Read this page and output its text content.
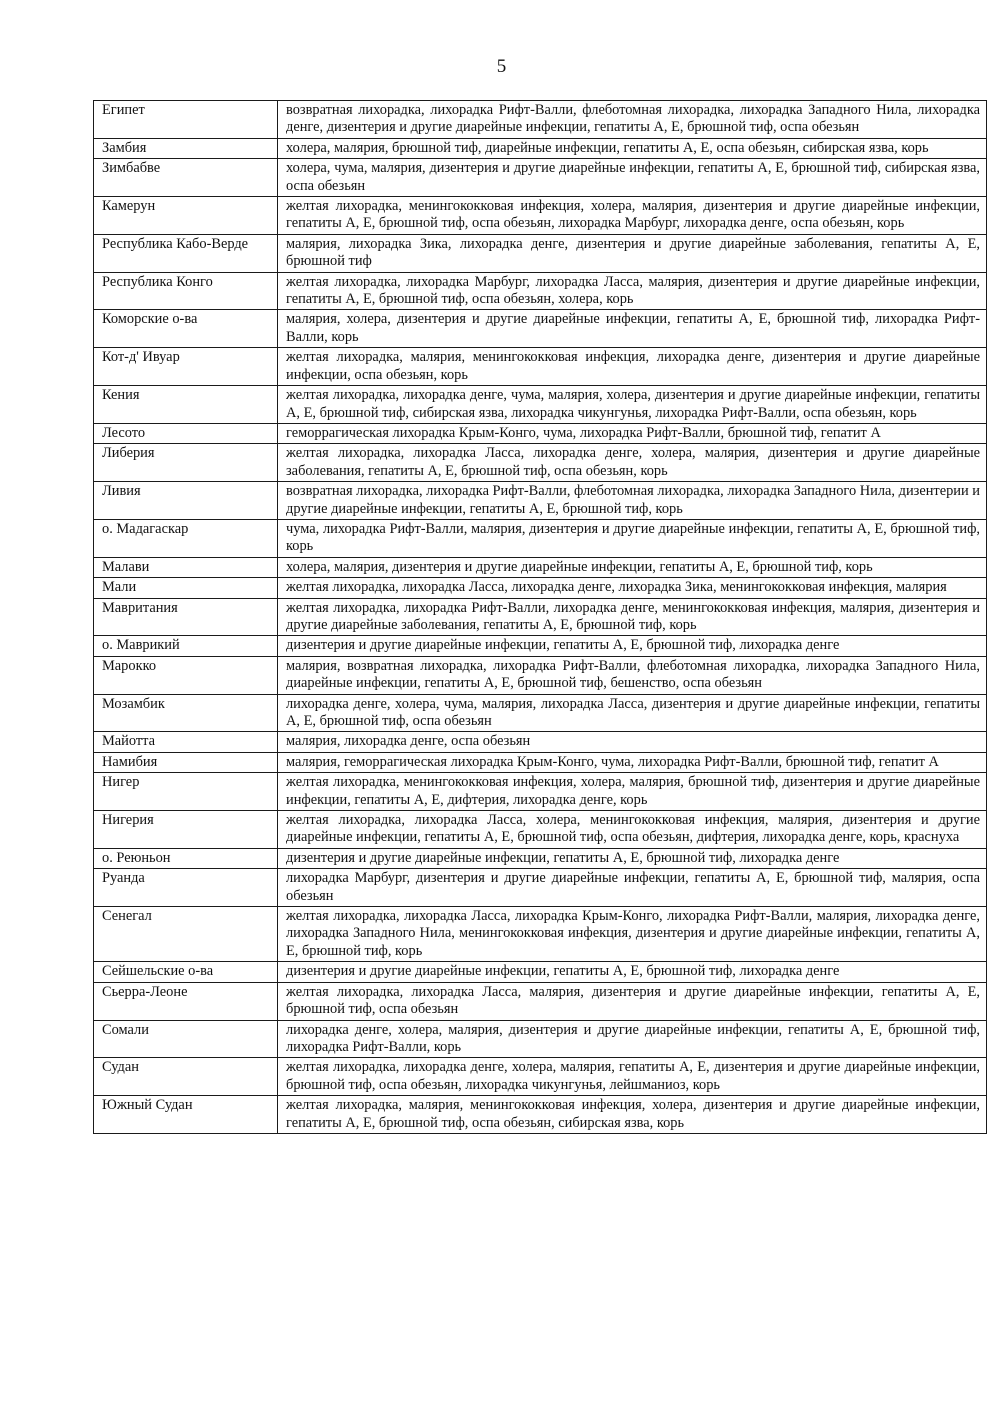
5
Египет	возвратная лихорадка, лихорадка Рифт-Валли, флеботомная лихорадка, лихорадка Западного Нила, лихорадка денге, дизентерия и другие диарейные инфекции, гепатиты А, Е, брюшной тиф, оспа обезьян
Замбия	холера, малярия, брюшной тиф, диарейные инфекции, гепатиты А, Е, оспа обезьян, сибирская язва, корь
Зимбабве	холера, чума, малярия, дизентерия и другие диарейные инфекции, гепатиты А, Е, брюшной тиф, сибирская язва, оспа обезьян
Камерун	желтая лихорадка, менингококковая инфекция, холера, малярия, дизентерия и другие диарейные инфекции, гепатиты А, Е, брюшной тиф, оспа обезьян, лихорадка Марбург, лихорадка денге, оспа обезьян, корь
Республика Кабо-Верде	малярия, лихорадка Зика, лихорадка денге, дизентерия и другие диарейные заболевания, гепатиты А, Е, брюшной тиф
Республика Конго	желтая лихорадка, лихорадка Марбург, лихорадка Ласса, малярия, дизентерия и другие диарейные инфекции, гепатиты А, Е, брюшной тиф, оспа обезьян, холера, корь
Коморские о-ва	малярия, холера, дизентерия и другие диарейные инфекции, гепатиты А, Е, брюшной тиф, лихорадка Рифт-Валли, корь
Кот-д' Ивуар	желтая лихорадка, малярия, менингококковая инфекция, лихорадка денге, дизентерия и другие диарейные инфекции, оспа обезьян, корь
Кения	желтая лихорадка, лихорадка денге, чума, малярия, холера, дизентерия и другие диарейные инфекции, гепатиты А, Е, брюшной тиф, сибирская язва, лихорадка чикунгунья, лихорадка Рифт-Валли, оспа обезьян, корь
Лесото	геморрагическая лихорадка Крым-Конго, чума, лихорадка Рифт-Валли, брюшной тиф, гепатит А
Либерия	желтая лихорадка, лихорадка Ласса, лихорадка денге, холера, малярия, дизентерия и другие диарейные заболевания, гепатиты А, Е, брюшной тиф, оспа обезьян, корь
Ливия	возвратная лихорадка, лихорадка Рифт-Валли, флеботомная лихорадка, лихорадка Западного Нила, дизентерии и другие диарейные инфекции, гепатиты А, Е, брюшной тиф, корь
о. Мадагаскар	чума, лихорадка Рифт-Валли, малярия, дизентерия и другие диарейные инфекции, гепатиты А, Е, брюшной тиф, корь
Малави	холера, малярия, дизентерия и другие диарейные инфекции, гепатиты А, Е, брюшной тиф, корь
Мали	желтая лихорадка, лихорадка Ласса, лихорадка денге, лихорадка Зика, менингококковая инфекция, малярия
Мавритания	желтая лихорадка, лихорадка Рифт-Валли, лихорадка денге, менингококковая инфекция, малярия, дизентерия и другие диарейные заболевания, гепатиты А, Е, брюшной тиф, корь
о. Маврикий	дизентерия и другие диарейные инфекции, гепатиты А, Е, брюшной тиф, лихорадка денге
Марокко	малярия, возвратная лихорадка, лихорадка Рифт-Валли, флеботомная лихорадка, лихорадка Западного Нила, диарейные инфекции, гепатиты А, Е, брюшной тиф, бешенство, оспа обезьян
Мозамбик	лихорадка денге, холера, чума, малярия, лихорадка Ласса, дизентерия и другие диарейные инфекции, гепатиты А, Е, брюшной тиф, оспа обезьян
Майотта	малярия, лихорадка денге, оспа обезьян
Намибия	малярия, геморрагическая лихорадка Крым-Конго, чума, лихорадка Рифт-Валли, брюшной тиф, гепатит А
Нигер	желтая лихорадка, менингококковая инфекция, холера, малярия, брюшной тиф, дизентерия и другие диарейные инфекции, гепатиты А, Е, дифтерия, лихорадка денге, корь
Нигерия	желтая лихорадка, лихорадка Ласса, холера, менингококковая инфекция, малярия, дизентерия и другие диарейные инфекции, гепатиты А, Е, брюшной тиф, оспа обезьян, дифтерия, лихорадка денге, корь, краснуха
о. Реюньон	дизентерия и другие диарейные инфекции, гепатиты А, Е, брюшной тиф, лихорадка денге
Руанда	лихорадка Марбург, дизентерия и другие диарейные инфекции, гепатиты А, Е, брюшной тиф, малярия, оспа обезьян
Сенегал	желтая лихорадка, лихорадка Ласса, лихорадка Крым-Конго, лихорадка Рифт-Валли, малярия, лихорадка денге, лихорадка Западного Нила, менингококковая инфекция, дизентерия и другие диарейные инфекции, гепатиты А, Е, брюшной тиф, корь
Сейшельские о-ва	дизентерия и другие диарейные инфекции, гепатиты А, Е, брюшной тиф, лихорадка денге
Сьерра-Леоне	желтая лихорадка, лихорадка Ласса, малярия, дизентерия и другие диарейные инфекции, гепатиты А, Е, брюшной тиф, оспа обезьян
Сомали	лихорадка денге, холера, малярия, дизентерия и другие диарейные инфекции, гепатиты А, Е, брюшной тиф, лихорадка Рифт-Валли, корь
Судан	желтая лихорадка, лихорадка денге, холера, малярия, гепатиты А, Е, дизентерия и другие диарейные инфекции, брюшной тиф, оспа обезьян, лихорадка чикунгунья, лейшманиоз, корь
Южный Судан	желтая лихорадка, малярия, менингококковая инфекция, холера, дизентерия и другие диарейные инфекции, гепатиты А, Е, брюшной тиф, оспа обезьян, сибирская язва, корь
